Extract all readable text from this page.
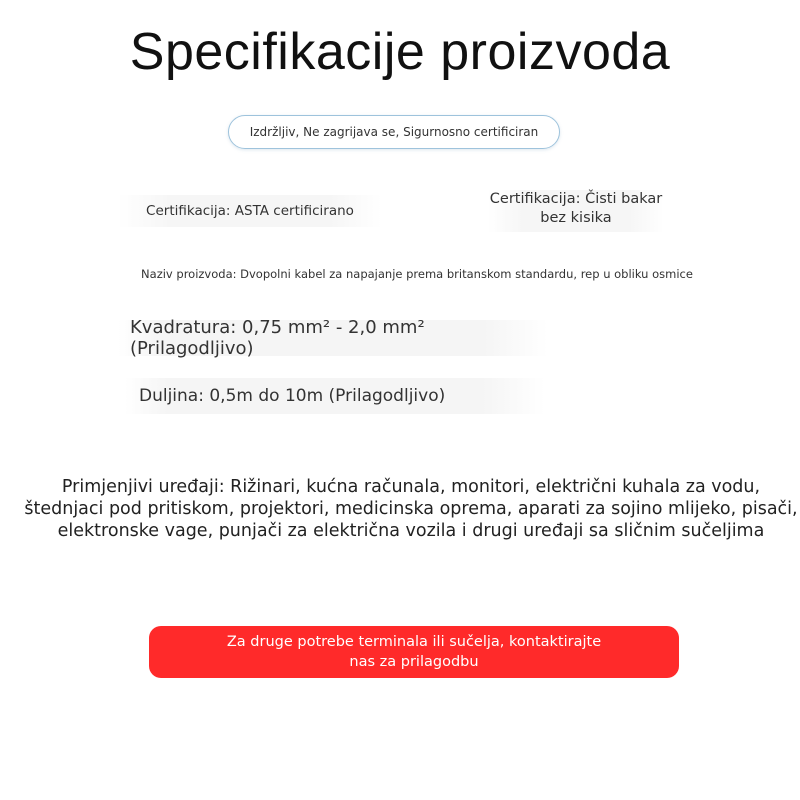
Specifikacije proizvoda
Izdržljiv, Ne zagrijava se, Sigurnosno certificiran
Certifikacija: ASTA certificirano
Certifikacija: Čisti bakar bez kisika
Naziv proizvoda: Dvopolni kabel za napajanje prema britanskom standardu, rep u obliku osmice
Kvadratura: 0,75 mm² - 2,0 mm² (Prilagodljivo)
Duljina: 0,5m do 10m (Prilagodljivo)
Primjenjivi uređaji: Rižinari, kućna računala, monitori, električni kuhala za vodu, štednjaci pod pritiskom, projektori, medicinska oprema, aparati za sojino mlijeko, pisači, elektronske vage, punjači za električna vozila i drugi uređaji sa sličnim sučeljima
Za druge potrebe terminala ili sučelja, kontaktirajte nas za prilagodbu
